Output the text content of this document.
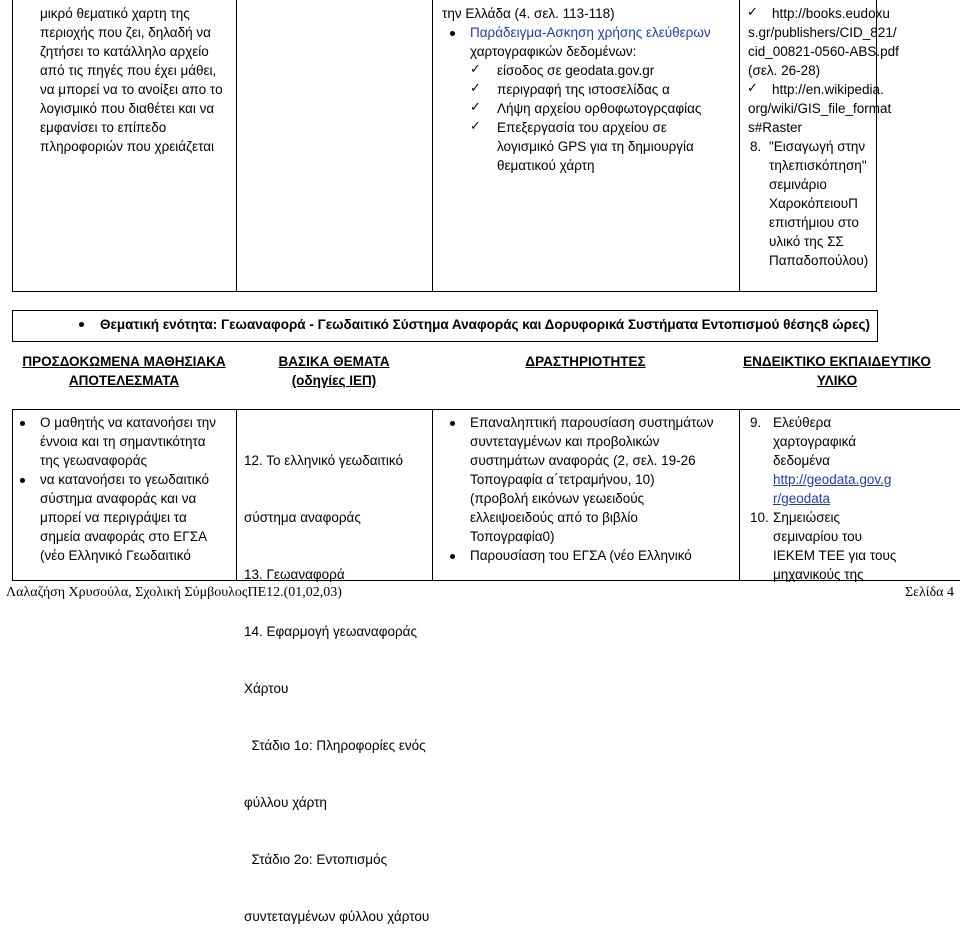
μικρό θεματικό χαρτη της
περιοχής που ζει, δηλαδή να
ζητήσει το κατάλληλο αρχείο
από τις πηγές που έχει μάθει,
να μπορεί να το ανοίξει απο το
λογισμικό που διαθέτει και να
εμφανίσει το επίπεδο
πληροφοριών που χρειάζεται
την Ελλάδα (4. σελ. 113-118)
Παράδειγμα-Ασκηση χρήσης ελεύθερων
χαρτογραφικών δεδομένων:
✓ είσοδος σε geodata.gov.gr
✓ περιγραφή της ιστοσελίδας α
✓ Λήψη αρχείου ορθοφωτογρςαφίας
✓ Επεξεργασία του αρχείου σε
λογισμικό GPS για τη δημιουργία
θεματικού χάρτη
✓ http://books.eudoxu
s.gr/publishers/CID_821/
cid_00821-0560-ABS.pdf
(σελ. 26-28)
✓ http://en.wikipedia.
org/wiki/GIS_file_format
s#Raster
8. "Εισαγωγή στην
τηλεπισκόπηση"
σεμινάριο
ΧαροκόπειουΠ
επιστήμιου στο
υλικό της ΣΣ
Παπαδοπούλου)
Θεματική ενότητα: Γεωαναφορά - Γεωδαιτικό Σύστημα Αναφοράς και Δορυφορικά Συστήματα Εντοπισμού θέσης8 ώρες)
ΠΡΟΣΔΟΚΩΜΕΝΑ ΜΑΘΗΣΙΑΚΑ
ΑΠΟΤΕΛΕΣΜΑΤΑ
ΒΑΣΙΚΑ ΘΕΜΑΤΑ
(οδηγίες ΙΕΠ)
ΔΡΑΣΤΗΡΙΟΤΗΤΕΣ	ΕΝΔΕΙΚΤΙΚΟ ΕΚΠΑΙΔΕΥΤΙΚΟ
ΥΛΙΚΟ
Ο μαθητής να κατανοήσει την
έννοια και τη σημαντικότητα
της γεωαναφοράς
να κατανοήσει το γεωδαιτικό
σύστημα αναφοράς και να
μπορεί να περιγράψει τα
σημεία αναφοράς στο ΕΓΣΑ
(νέο Ελληνικό Γεωδαιτικό

12. Το ελληνικό γεωδαιτικό

σύστημα αναφοράς

13. Γεωαναφορά

14. Εφαρμογή γεωαναφοράς

Χάρτου

Στάδιο 1ο: Πληροφορίες ενός

φύλλου χάρτη

Στάδιο 2ο: Εντοπισμός

συντεταγμένων φύλλου χάρτου

Επαναληπτική παρουσίαση συστημάτων
συντεταγμένων και προβολικών
συστημάτων αναφοράς (2, σελ. 19-26
Τοπογραφία α΄τετραμήνου, 10)
(προβολή εικόνων γεωειδούς
ελλειψοειδούς από το βιβλίο
Τοπογραφία0)
Παρουσίαση του ΕΓΣΑ (νέο Ελληνικό
9. Ελεύθερα
χαρτογραφικά
δεδομένα
http://geodata.gov.g
r/geodata
10. Σημειώσεις
σεμιναρίου του
ΙΕΚΕΜ ΤΕΕ για τους
μηχανικούς της
Λαλαζήση Χρυσούλα, Σχολική ΣύμβουλοςΠΕ12.(01,02,03)	Σελίδα 4
